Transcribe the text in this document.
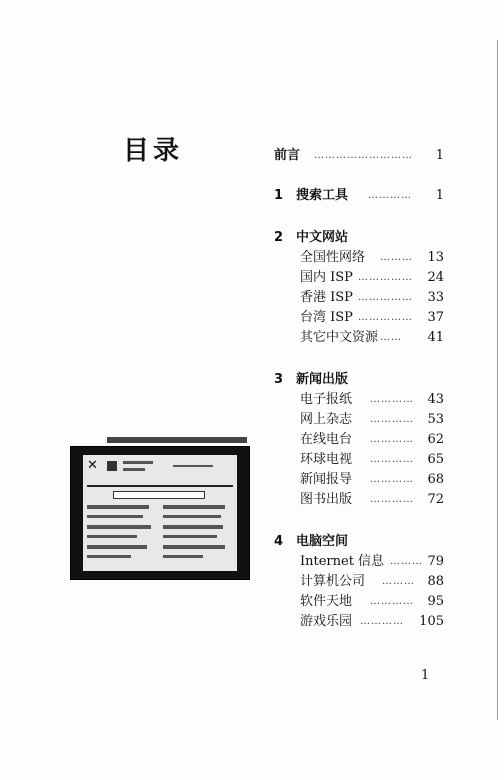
目录
✕
前言 ……………………… 1
1 搜索工具 ………… 1
2 中文网站
全国性网络 ……… 13
国内 ISP …………… 24
香港 ISP …………… 33
台湾 ISP …………… 37
其它中文资源 …… 41
3 新闻出版
电子报纸 ………… 43
网上杂志 ………… 53
在线电台 ………… 62
环球电视 ………… 65
新闻报导 ………… 68
图书出版 ………… 72
4 电脑空间
Internet 信息 ……… 79
计算机公司 ……… 88
软件天地 ………… 95
游戏乐园 ………… 105
1
